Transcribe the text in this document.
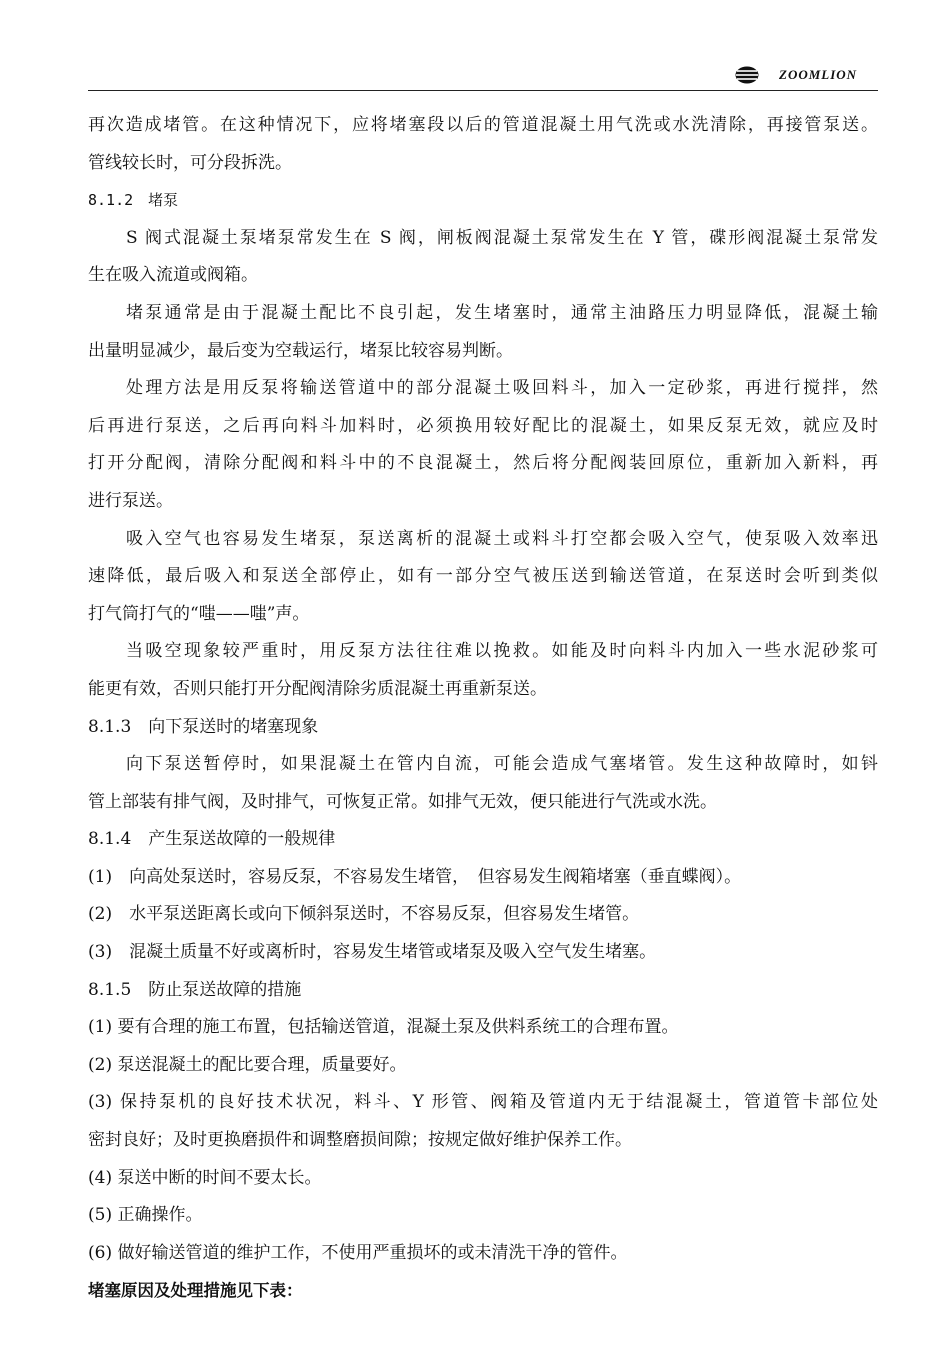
ZOOMLION
再次造成堵管。在这种情况下，应将堵塞段以后的管道混凝土用气洗或水洗清除，再接管泵送。
管线较长时，可分段拆洗。
8.1.2　堵泵
S 阀式混凝土泵堵泵常发生在 S 阀，闸板阀混凝土泵常发生在 Y 管，碟形阀混凝土泵常发
生在吸入流道或阀箱。
堵泵通常是由于混凝土配比不良引起，发生堵塞时，通常主油路压力明显降低，混凝土输
出量明显减少，最后变为空载运行，堵泵比较容易判断。
处理方法是用反泵将输送管道中的部分混凝土吸回料斗，加入一定砂浆，再进行搅拌，然
后再进行泵送，之后再向料斗加料时，必须换用较好配比的混凝土，如果反泵无效，就应及时
打开分配阀，清除分配阀和料斗中的不良混凝土，然后将分配阀装回原位，重新加入新料，再
进行泵送。
吸入空气也容易发生堵泵，泵送离析的混凝土或料斗打空都会吸入空气，使泵吸入效率迅
速降低，最后吸入和泵送全部停止，如有一部分空气被压送到输送管道，在泵送时会听到类似
打气筒打气的“嗤——嗤”声。
当吸空现象较严重时，用反泵方法往往难以挽救。如能及时向料斗内加入一些水泥砂浆可
能更有效，否则只能打开分配阀清除劣质混凝土再重新泵送。
8.1.3　向下泵送时的堵塞现象
向下泵送暂停时，如果混凝土在管内自流，可能会造成气塞堵管。发生这种故障时，如钭
管上部装有排气阀，及时排气，可恢复正常。如排气无效，便只能进行气洗或水洗。
8.1.4　产生泵送故障的一般规律
(1)　向高处泵送时，容易反泵，不容易发生堵管，　但容易发生阀箱堵塞（垂直蝶阀）。
(2)　水平泵送距离长或向下倾斜泵送时，不容易反泵，但容易发生堵管。
(3)　混凝土质量不好或离析时，容易发生堵管或堵泵及吸入空气发生堵塞。
8.1.5　防止泵送故障的措施
(1) 要有合理的施工布置，包括输送管道，混凝土泵及供料系统工的合理布置。
(2) 泵送混凝土的配比要合理，质量要好。
(3) 保持泵机的良好技术状况，料斗、Y 形管、阀箱及管道内无于结混凝土，管道管卡部位处
密封良好；及时更换磨损件和调整磨损间隙；按规定做好维护保养工作。
(4) 泵送中断的时间不要太长。
(5) 正确操作。
(6) 做好输送管道的维护工作，不使用严重损坏的或未清洗干净的管件。
堵塞原因及处理措施见下表：
